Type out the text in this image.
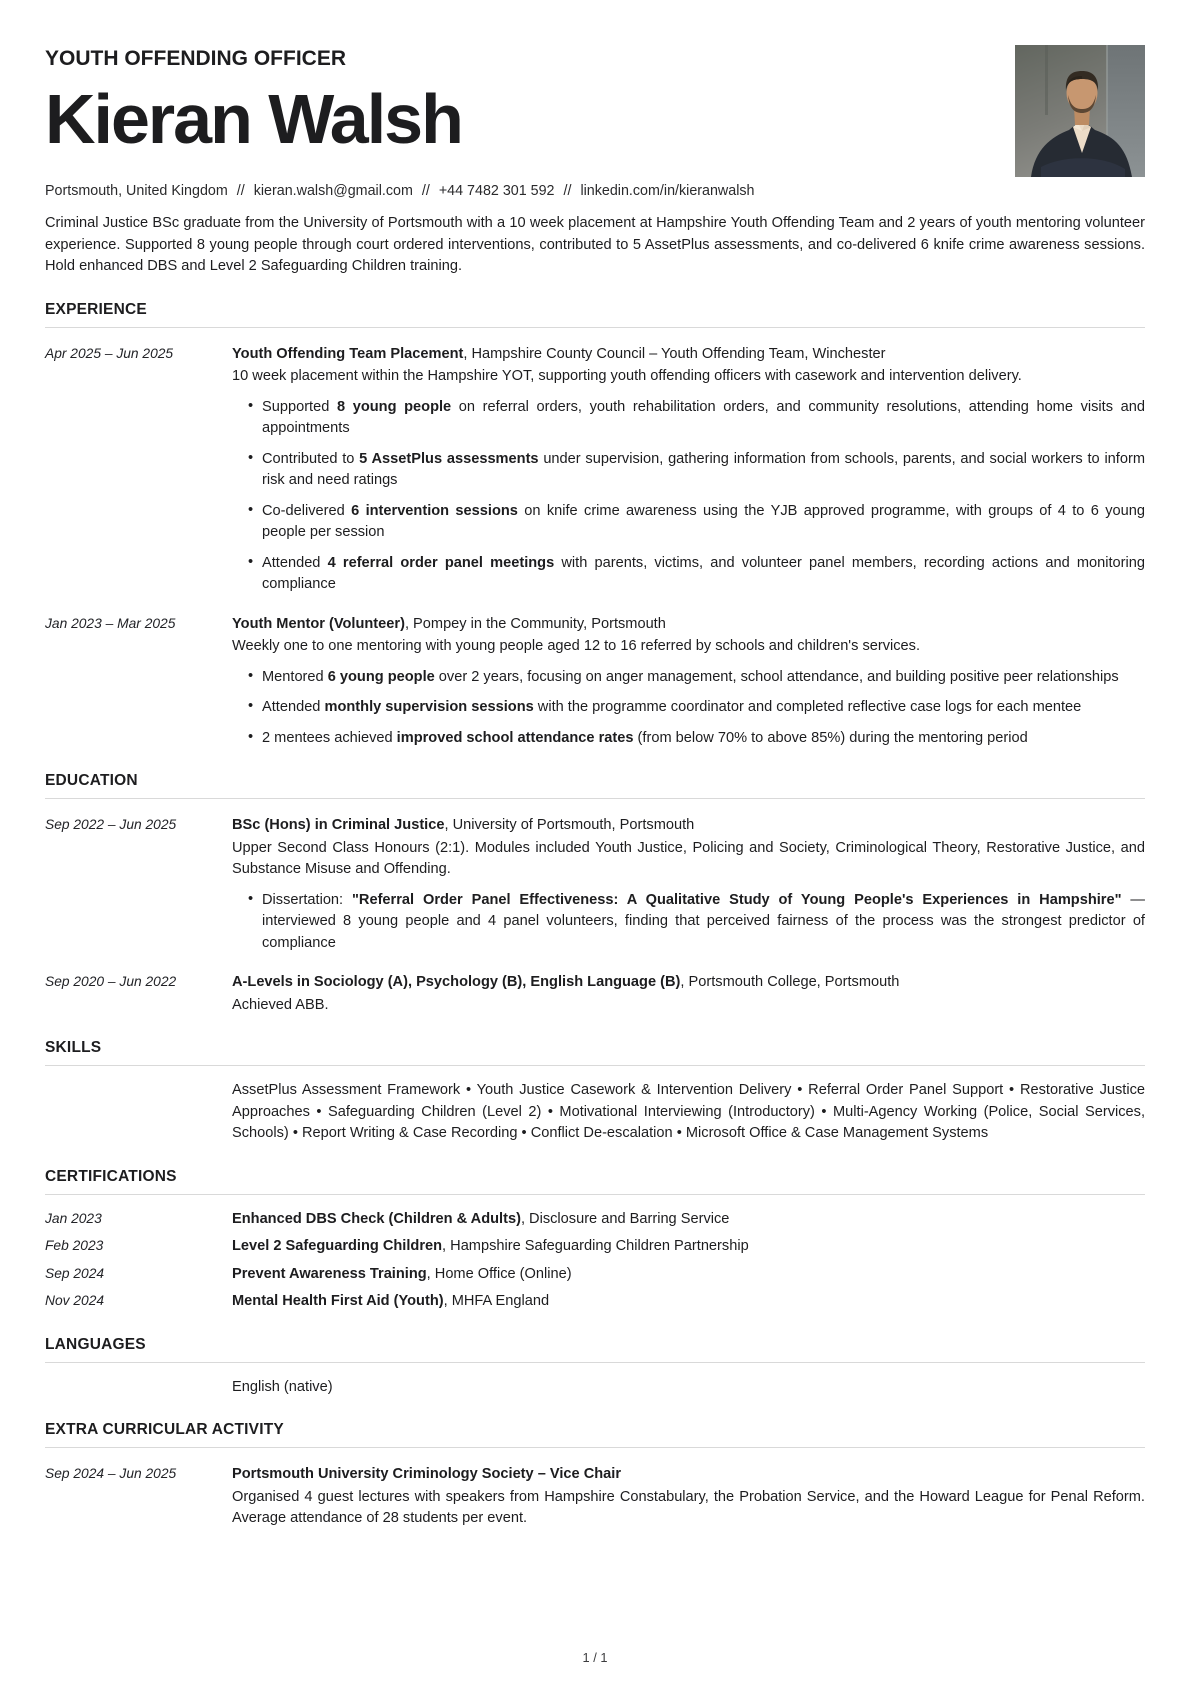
YOUTH OFFENDING OFFICER
Kieran Walsh
Portsmouth, United Kingdom // kieran.walsh@gmail.com // +44 7482 301 592 // linkedin.com/in/kieranwalsh

Criminal Justice BSc graduate from the University of Portsmouth with a 10 week placement at Hampshire Youth Offending Team and 2 years of youth mentoring volunteer experience. Supported 8 young people through court ordered interventions, contributed to 5 AssetPlus assessments, and co-delivered 6 knife crime awareness sessions. Hold enhanced DBS and Level 2 Safeguarding Children training.

EXPERIENCE
Apr 2025 – Jun 2025	Youth Offending Team Placement, Hampshire County Council – Youth Offending Team, Winchester

10 week placement within the Hampshire YOT, supporting youth offending officers with casework and intervention delivery.

• Supported 8 young people on referral orders, youth rehabilitation orders, and community resolutions, attending home visits and appointments
• Contributed to 5 AssetPlus assessments under supervision, gathering information from schools, parents, and social workers to inform risk and need ratings
• Co-delivered 6 intervention sessions on knife crime awareness using the YJB approved programme, with groups of 4 to 6 young people per session
• Attended 4 referral order panel meetings with parents, victims, and volunteer panel members, recording actions and monitoring compliance
Jan 2023 – Mar 2025	Youth Mentor (Volunteer), Pompey in the Community, Portsmouth

Weekly one to one mentoring with young people aged 12 to 16 referred by schools and children's services.

• Mentored 6 young people over 2 years, focusing on anger management, school attendance, and building positive peer relationships
• Attended monthly supervision sessions with the programme coordinator and completed reflective case logs for each mentee
• 2 mentees achieved improved school attendance rates (from below 70% to above 85%) during the mentoring period
EDUCATION
Sep 2022 – Jun 2025	BSc (Hons) in Criminal Justice, University of Portsmouth, Portsmouth

Upper Second Class Honours (2:1). Modules included Youth Justice, Policing and Society, Criminological Theory, Restorative Justice, and Substance Misuse and Offending.

• Dissertation: "Referral Order Panel Effectiveness: A Qualitative Study of Young People's Experiences in Hampshire" — interviewed 8 young people and 4 panel volunteers, finding that perceived fairness of the process was the strongest predictor of compliance
Sep 2020 – Jun 2022	A-Levels in Sociology (A), Psychology (B), English Language (B), Portsmouth College, Portsmouth

Achieved ABB.

SKILLS

AssetPlus Assessment Framework • Youth Justice Casework & Intervention Delivery • Referral Order Panel Support • Restorative Justice Approaches • Safeguarding Children (Level 2) • Motivational Interviewing (Introductory) • Multi-Agency Working (Police, Social Services, Schools) • Report Writing & Case Recording • Conflict De-escalation • Microsoft Office & Case Management Systems

CERTIFICATIONS
Jan 2023	Enhanced DBS Check (Children & Adults), Disclosure and Barring Service
Feb 2023	Level 2 Safeguarding Children, Hampshire Safeguarding Children Partnership
Sep 2024	Prevent Awareness Training, Home Office (Online)
Nov 2024	Mental Health First Aid (Youth), MHFA England
LANGUAGES
English (native)
EXTRA CURRICULAR ACTIVITY
Sep 2024 – Jun 2025	Portsmouth University Criminology Society – Vice Chair

Organised 4 guest lectures with speakers from Hampshire Constabulary, the Probation Service, and the Howard League for Penal Reform. Average attendance of 28 students per event.

1 / 1
